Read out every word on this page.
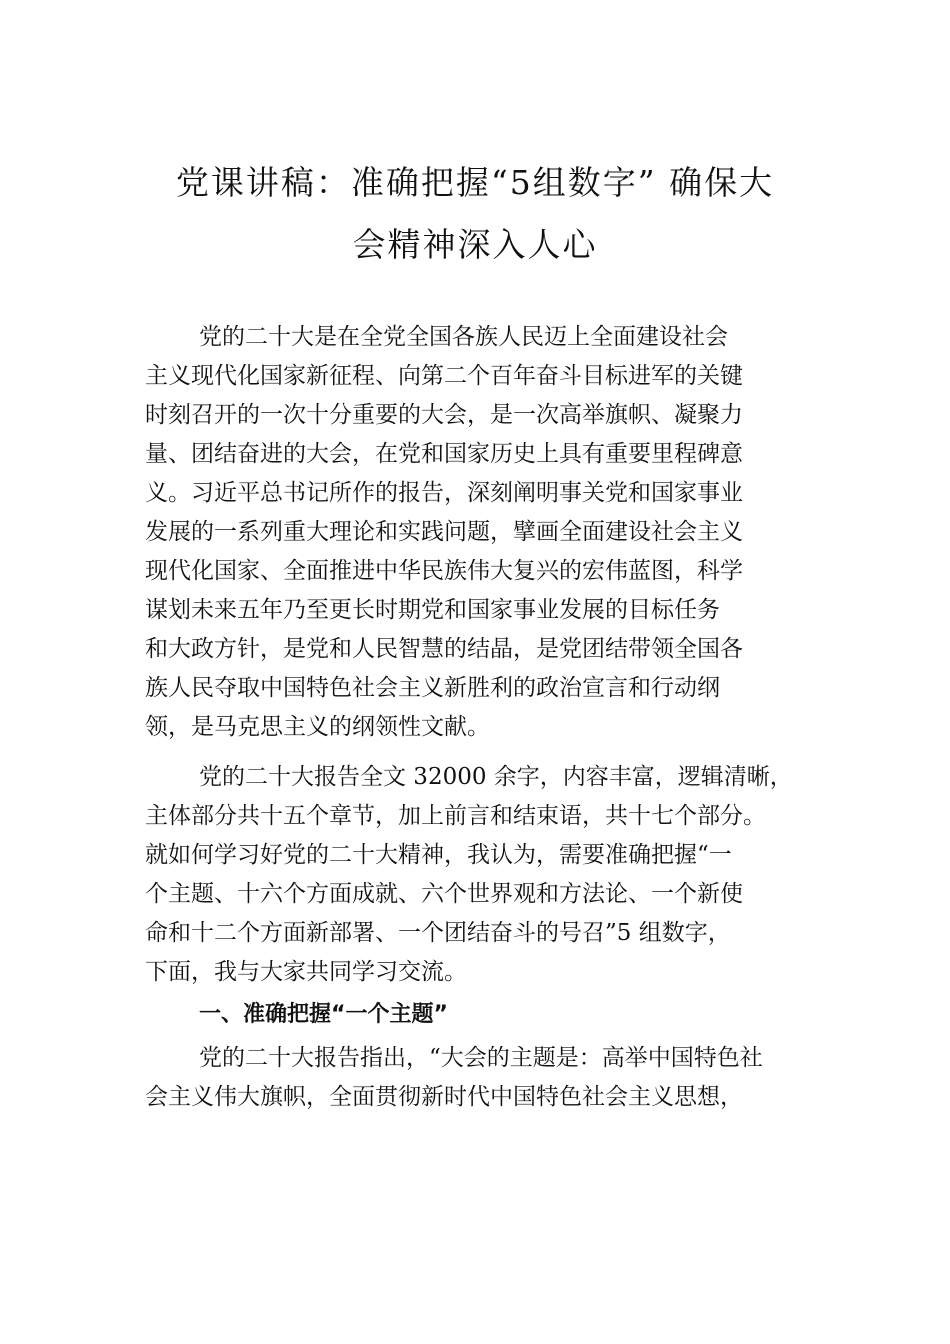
党课讲稿：准确把握“5组数字” 确保大
会精神深入人心
党的二十大是在全党全国各族人民迈上全面建设社会
主义现代化国家新征程、向第二个百年奋斗目标进军的关键
时刻召开的一次十分重要的大会，是一次高举旗帜、凝聚力
量、团结奋进的大会，在党和国家历史上具有重要里程碑意
义。习近平总书记所作的报告，深刻阐明事关党和国家事业
发展的一系列重大理论和实践问题，擘画全面建设社会主义
现代化国家、全面推进中华民族伟大复兴的宏伟蓝图，科学
谋划未来五年乃至更长时期党和国家事业发展的目标任务
和大政方针，是党和人民智慧的结晶，是党团结带领全国各
族人民夺取中国特色社会主义新胜利的政治宣言和行动纲
领，是马克思主义的纲领性文献。
党的二十大报告全文 32000 余字，内容丰富，逻辑清晰，
主体部分共十五个章节，加上前言和结束语，共十七个部分。
就如何学习好党的二十大精神，我认为，需要准确把握“一
个主题、十六个方面成就、六个世界观和方法论、一个新使
命和十二个方面新部署、一个团结奋斗的号召”5 组数字，
下面，我与大家共同学习交流。
一、准确把握“一个主题”
党的二十大报告指出，“大会的主题是：高举中国特色社
会主义伟大旗帜，全面贯彻新时代中国特色社会主义思想，
